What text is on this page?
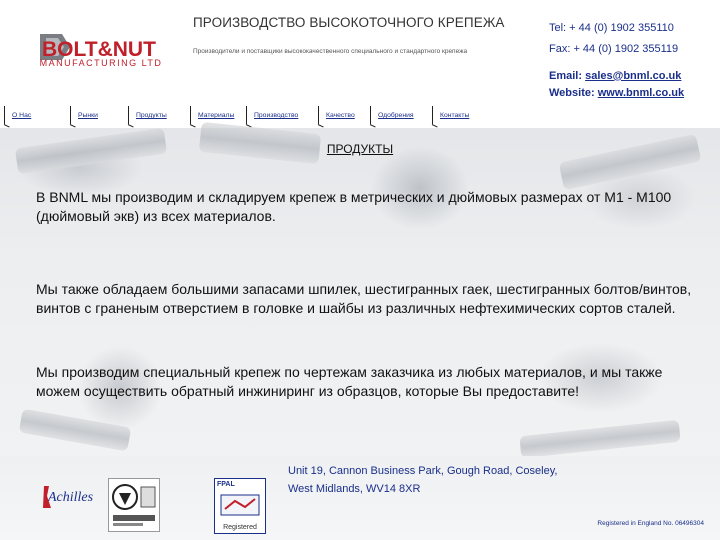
BOLT&NUT
MANUFACTURING LTD
ПРОИЗВОДСТВО ВЫСОКОТОЧНОГО КРЕПЕЖА
Производители и поставщики высококачественного специального и стандартного крепежа
Tel: + 44 (0) 1902 355110
Fax: + 44 (0) 1902 355119
Email: sales@bnml.co.uk
Website: www.bnml.co.uk
О Нас	Рынки	Продукты	Материалы	Производство	Качество	Одобрения	Контакты
ПРОДУКТЫ
В BNML мы производим и складируем крепеж в метрических и дюймовых размерах от M1 - M100 (дюймовый экв) из всех материалов.
Мы также обладаем большими запасами шпилек, шестигранных гаек, шестигранных болтов/винтов, винтов с граненым отверстием в головке и шайбы из различных нефтехимических сортов сталей.
Мы производим специальный крепеж по чертежам заказчика из любых материалов, и мы также можем осуществить обратный инжиниринг из образцов, которые Вы предоставите!
Achilles
FPAL
Registered
Unit 19, Cannon Business Park, Gough Road, Coseley,
West Midlands, WV14 8XR
Registered in England No. 06496304
